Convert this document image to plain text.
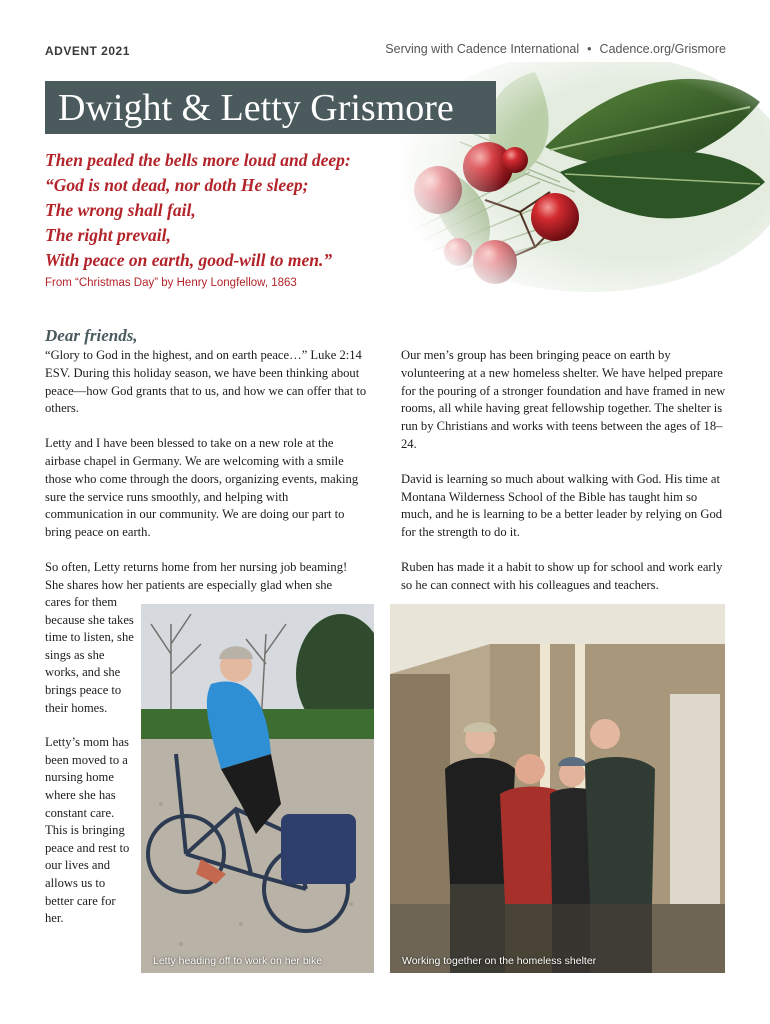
ADVENT 2021	Serving with Cadence International • Cadence.org/Grismore
Dwight & Letty Grismore
Then pealed the bells more loud and deep:
“God is not dead, nor doth He sleep;
The wrong shall fail,
The right prevail,
With peace on earth, good-will to men.”
From “Christmas Day” by Henry Longfellow, 1863
Dear friends,

“Glory to God in the highest, and on earth peace…” Luke 2:14 ESV. During this holiday season, we have been thinking about peace—how God grants that to us, and how we can offer that to others.

Letty and I have been blessed to take on a new role at the airbase chapel in Germany. We are welcoming with a smile those who come through the doors, organizing events, making sure the service runs smoothly, and helping with communication in our community. We are doing our part to bring peace on earth.

So often, Letty returns home from her nursing job beaming! She shares how her patients are especially glad when she

cares for them because she takes time to listen, she sings as she works, and she brings peace to their homes.

Letty’s mom has been moved to a nursing home where she has constant care. This is bringing peace and rest to our lives and allows us to better care for her.

Our men’s group has been bringing peace on earth by volunteering at a new homeless shelter. We have helped prepare for the pouring of a stronger foundation and have framed in new rooms, all while having great fellowship together. The shelter is run by Christians and works with teens between the ages of 18–24.

David is learning so much about walking with God. His time at Montana Wilderness School of the Bible has taught him so much, and he is learning to be a better leader by relying on God for the strength to do it.

Ruben has made it a habit to show up for school and work early so he can connect with his colleagues and teachers.

Letty heading off to work on her bike	Working together on the homeless shelter
